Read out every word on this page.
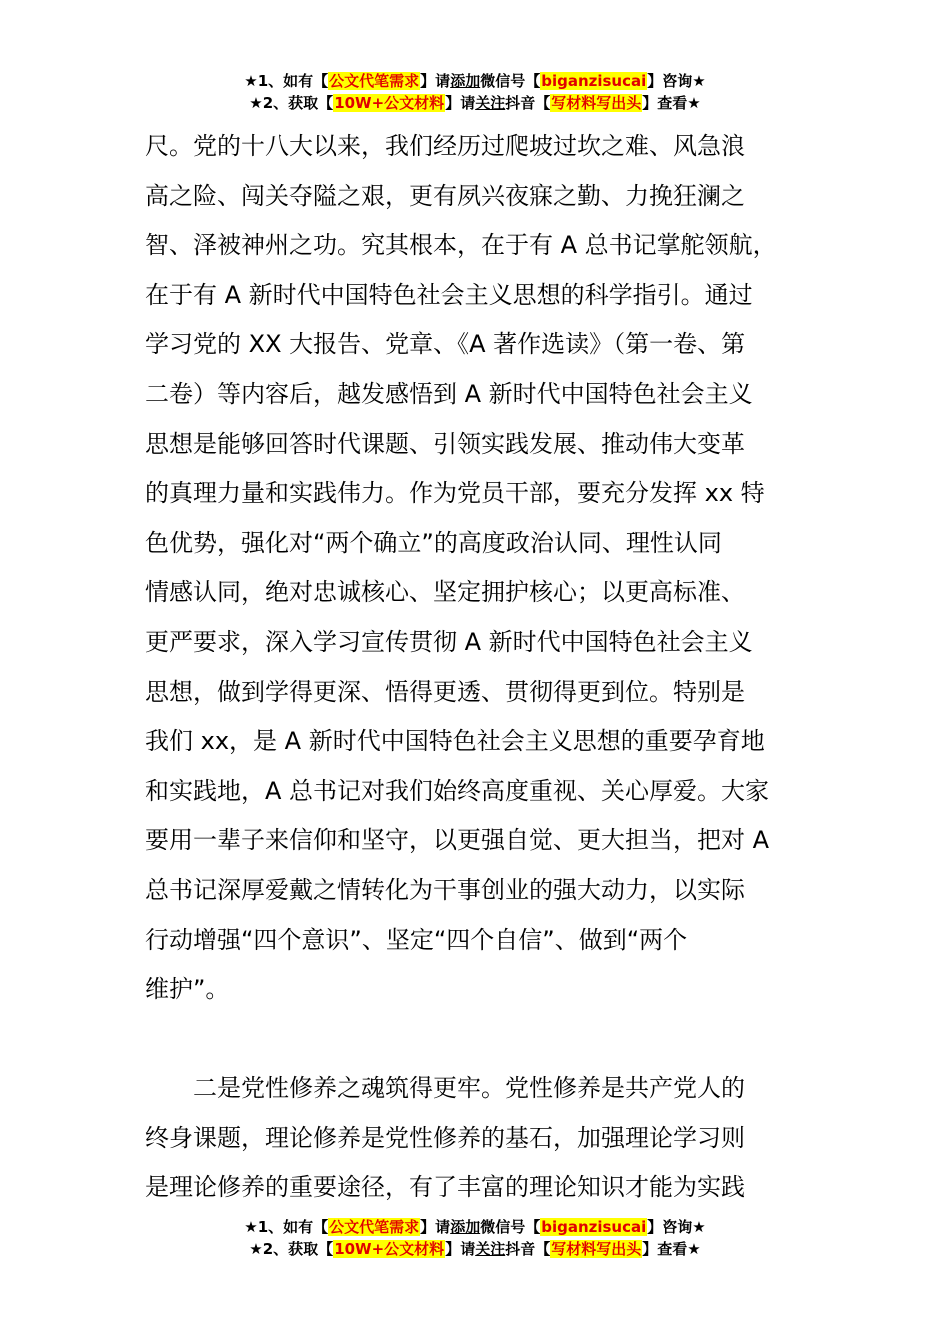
★1、如有【公文代笔需求】请添加微信号【biganzisucai】咨询★
★2、获取【10W+公文材料】请关注抖音【写材料写出头】查看★

尺。党的十八大以来，我们经历过爬坡过坎之难、风急浪

高之险、闯关夺隘之艰，更有夙兴夜寐之勤、力挽狂澜之

智、泽被神州之功。究其根本，在于有 A 总书记掌舵领航，

在于有 A 新时代中国特色社会主义思想的科学指引。通过

学习党的 XX 大报告、党章、《A 著作选读》（第一卷、第

二卷）等内容后，越发感悟到 A 新时代中国特色社会主义

思想是能够回答时代课题、引领实践发展、推动伟大变革

的真理力量和实践伟力。作为党员干部，要充分发挥 xx 特

色优势，强化对“两个确立”的高度政治认同、理性认同

情感认同，绝对忠诚核心、坚定拥护核心；以更高标准、

更严要求，深入学习宣传贯彻 A 新时代中国特色社会主义

思想，做到学得更深、悟得更透、贯彻得更到位。特别是

我们 xx，是 A 新时代中国特色社会主义思想的重要孕育地

和实践地，A 总书记对我们始终高度重视、关心厚爱。大家

要用一辈子来信仰和坚守，以更强自觉、更大担当，把对 A

总书记深厚爱戴之情转化为干事创业的强大动力，以实际

行动增强“四个意识”、坚定“四个自信”、做到“两个

维护”。

二是党性修养之魂筑得更牢。党性修养是共产党人的

终身课题，理论修养是党性修养的基石，加强理论学习则

是理论修养的重要途径，有了丰富的理论知识才能为实践

★1、如有【公文代笔需求】请添加微信号【biganzisucai】咨询★
★2、获取【10W+公文材料】请关注抖音【写材料写出头】查看★
